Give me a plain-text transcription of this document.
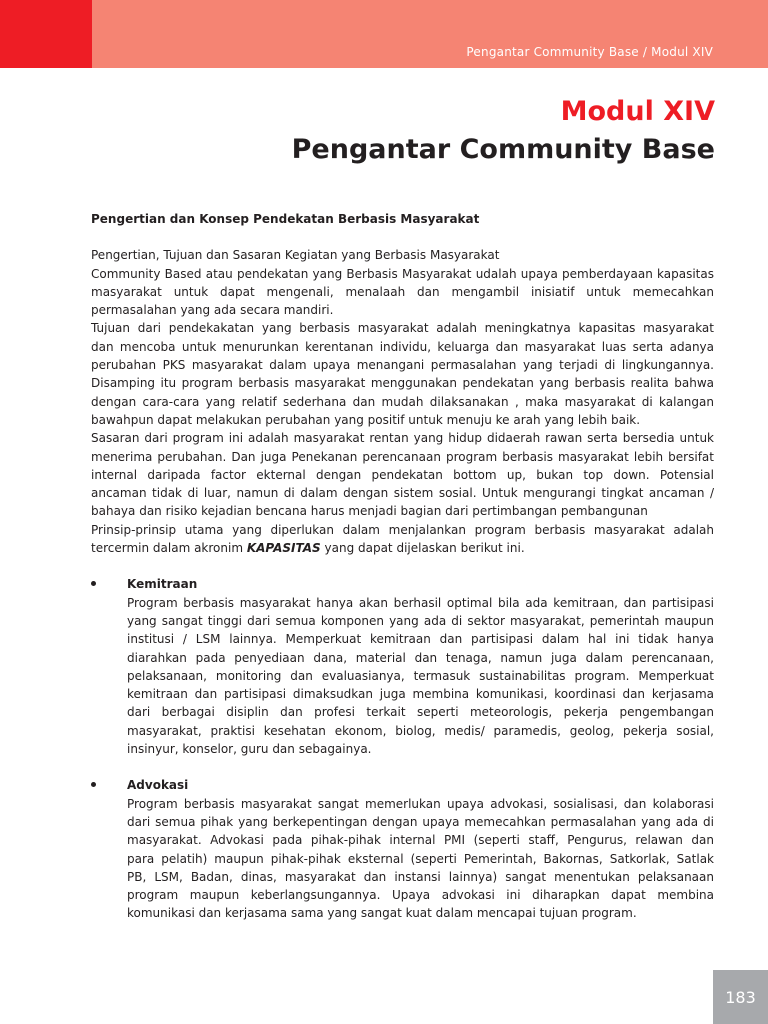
Pengantar Community Base / Modul XIV
Modul XIV
Pengantar Community Base
Pengertian dan Konsep Pendekatan Berbasis Masyarakat
Pengertian, Tujuan dan Sasaran Kegiatan yang Berbasis Masyarakat

Community Based atau pendekatan yang Berbasis Masyarakat udalah upaya pemberdayaan kapasitas
masyarakat untuk dapat mengenali, menalaah dan mengambil inisiatif untuk memecahkan
permasalahan yang ada secara mandiri.

Tujuan dari pendekakatan yang berbasis masyarakat adalah meningkatnya kapasitas masyarakat
dan mencoba untuk menurunkan kerentanan individu, keluarga dan masyarakat luas serta adanya
perubahan PKS masyarakat dalam upaya menangani permasalahan yang terjadi di lingkungannya.
Disamping itu program berbasis masyarakat menggunakan pendekatan yang berbasis realita bahwa
dengan cara-cara yang relatif sederhana dan mudah dilaksanakan , maka masyarakat di kalangan
bawahpun dapat melakukan perubahan yang positif untuk menuju ke arah yang lebih baik.

Sasaran dari program ini adalah masyarakat rentan yang hidup didaerah rawan serta bersedia untuk
menerima perubahan. Dan juga Penekanan perencanaan program berbasis masyarakat lebih bersifat
internal daripada factor ekternal dengan pendekatan bottom up, bukan top down. Potensial
ancaman tidak di luar, namun di dalam dengan sistem sosial. Untuk mengurangi tingkat ancaman /
bahaya dan risiko kejadian bencana harus menjadi bagian dari pertimbangan pembangunan

Prinsip-prinsip utama yang diperlukan dalam menjalankan program berbasis masyarakat adalah
tercermin dalam akronim KAPASITAS yang dapat dijelaskan berikut ini.

Kemitraan

Program berbasis masyarakat hanya akan berhasil optimal bila ada kemitraan, dan partisipasi
yang sangat tinggi dari semua komponen yang ada di sektor masyarakat, pemerintah maupun
institusi / LSM lainnya. Memperkuat kemitraan dan partisipasi dalam hal ini tidak hanya
diarahkan pada penyediaan dana, material dan tenaga, namun juga dalam perencanaan,
pelaksanaan, monitoring dan evaluasianya, termasuk sustainabilitas program. Memperkuat
kemitraan dan partisipasi dimaksudkan juga membina komunikasi, koordinasi dan kerjasama
dari berbagai disiplin dan profesi terkait seperti meteorologis, pekerja pengembangan
masyarakat, praktisi kesehatan ekonom, biolog, medis/ paramedis, geolog, pekerja sosial,
insinyur, konselor, guru dan sebagainya.

Advokasi

Program berbasis masyarakat sangat memerlukan upaya advokasi, sosialisasi, dan kolaborasi
dari semua pihak yang berkepentingan dengan upaya memecahkan permasalahan yang ada di
masyarakat. Advokasi pada pihak-pihak internal PMI (seperti staff, Pengurus, relawan dan
para pelatih) maupun pihak-pihak eksternal (seperti Pemerintah, Bakornas, Satkorlak, Satlak
PB, LSM, Badan, dinas, masyarakat dan instansi lainnya) sangat menentukan pelaksanaan
program maupun keberlangsungannya. Upaya advokasi ini diharapkan dapat membina
komunikasi dan kerjasama sama yang sangat kuat dalam mencapai tujuan program.

183
